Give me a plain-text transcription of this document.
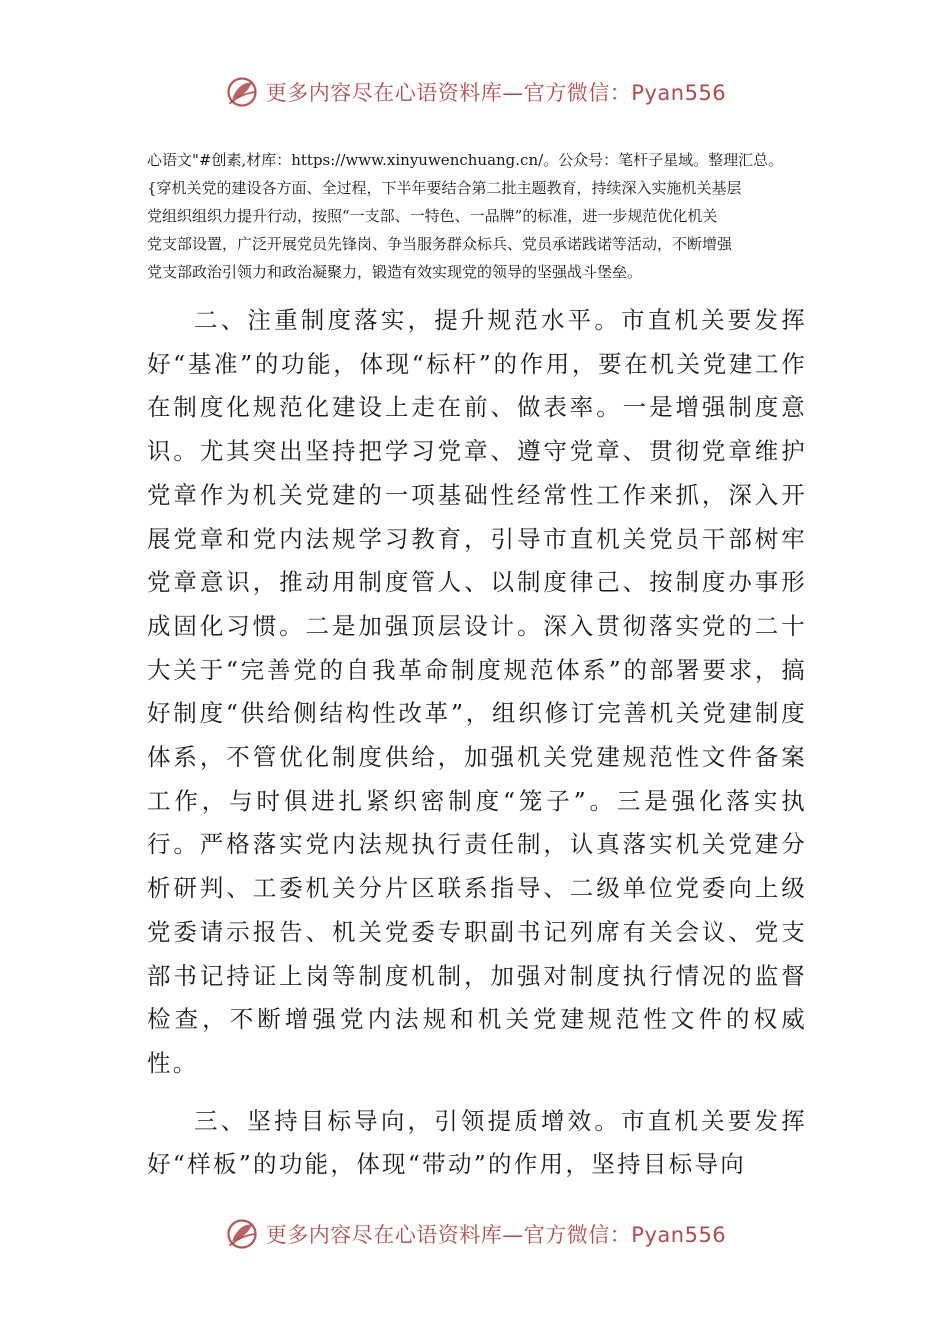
更多内容尽在心语资料库—官方微信：Pyan556
心语文"#创素,材库：https://www.xinyuwenchuang.cn/。公众号：笔杆子星域。整理汇总。
{穿机关党的建设各方面、全过程，下半年要结合第二批主题教育，持续深入实施机关基层
党组织组织力提升行动，按照“一支部、一特色、一品牌”的标准，进一步规范优化机关
党支部设置，广泛开展党员先锋岗、争当服务群众标兵、党员承诺践诺等活动，不断增强
党支部政治引领力和政治凝聚力，锻造有效实现党的领导的坚强战斗堡垒。

二、注重制度落实，提升规范水平。市直机关要发挥好“基准”的功能，体现“标杆”的作用，要在机关党建工作在制度化规范化建设上走在前、做表率。一是增强制度意识。尤其突出坚持把学习党章、遵守党章、贯彻党章维护党章作为机关党建的一项基础性经常性工作来抓，深入开展党章和党内法规学习教育，引导市直机关党员干部树牢党章意识，推动用制度管人、以制度律己、按制度办事形成固化习惯。二是加强顶层设计。深入贯彻落实党的二十大关于“完善党的自我革命制度规范体系”的部署要求，搞好制度“供给侧结构性改革”，组织修订完善机关党建制度体系，不管优化制度供给，加强机关党建规范性文件备案工作，与时俱进扎紧织密制度“笼子”。三是强化落实执行。严格落实党内法规执行责任制，认真落实机关党建分析研判、工委机关分片区联系指导、二级单位党委向上级党委请示报告、机关党委专职副书记列席有关会议、党支部书记持证上岗等制度机制，加强对制度执行情况的监督检查，不断增强党内法规和机关党建规范性文件的权威性。

三、坚持目标导向，引领提质增效。市直机关要发挥好“样板”的功能，体现“带动”的作用，坚持目标导向

更多内容尽在心语资料库—官方微信：Pyan556
